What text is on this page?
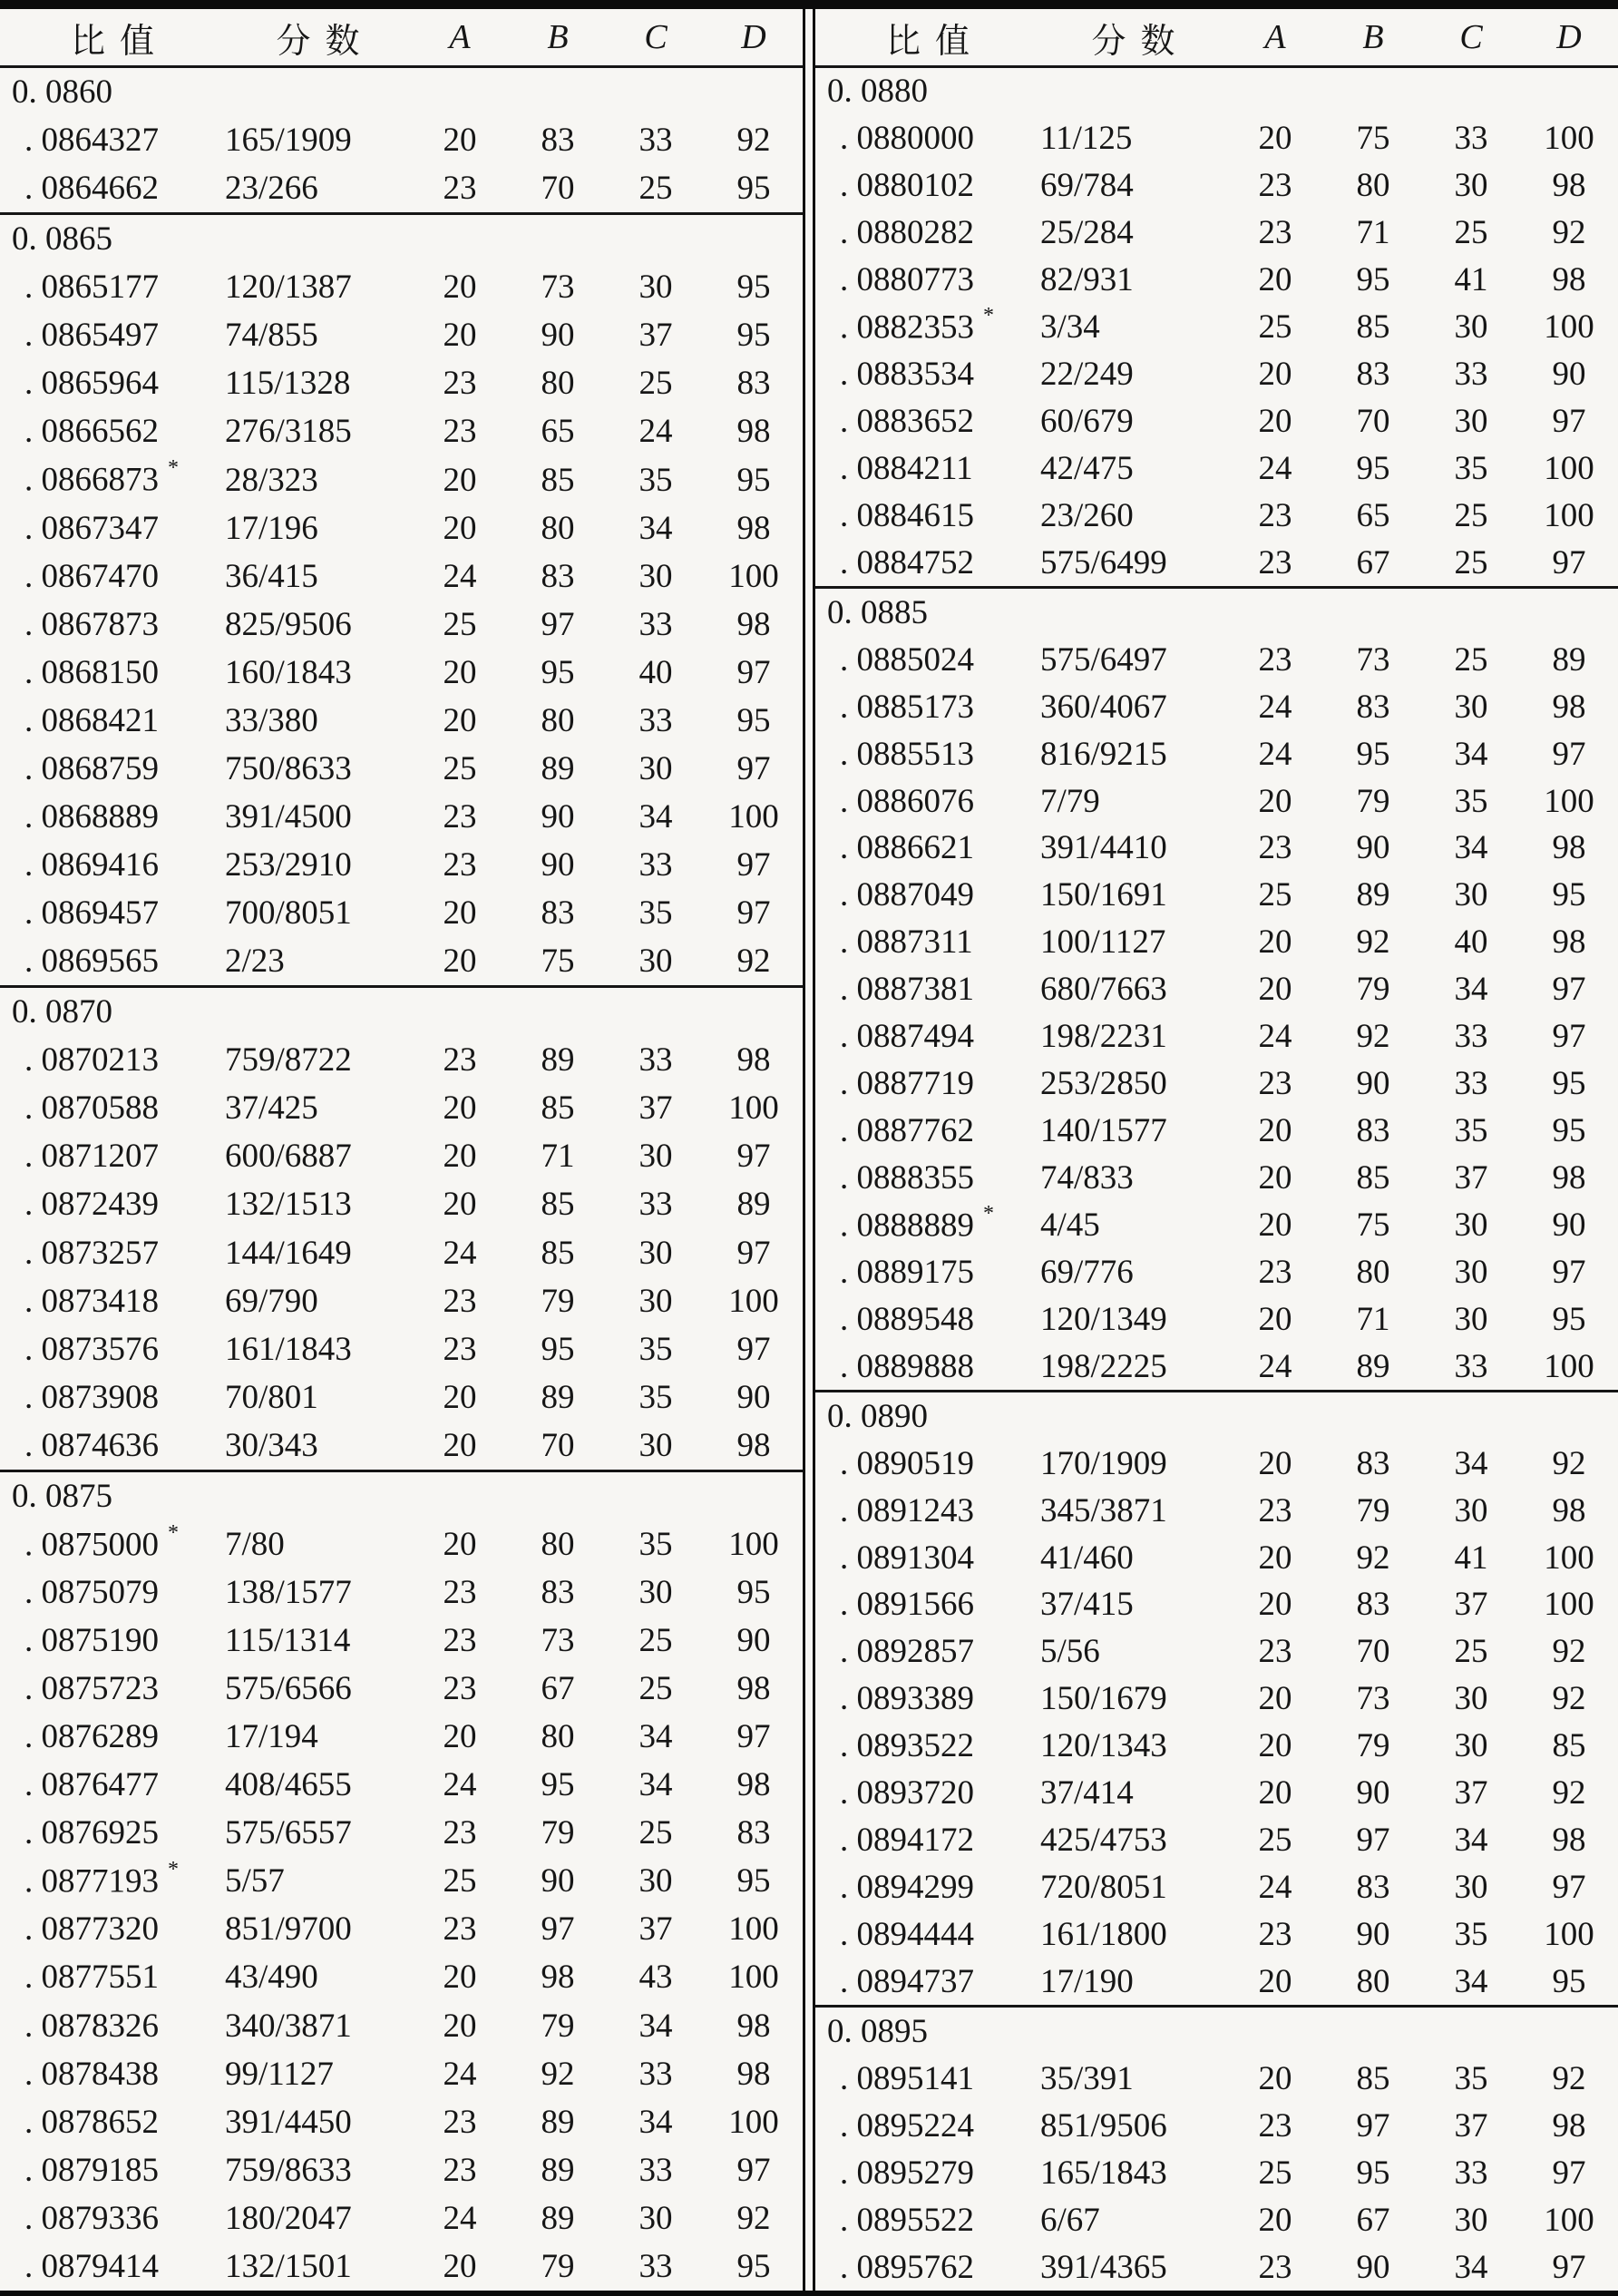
比值	分数	A	B	C	D
0. 0860
. 0864327	165/1909	20	83	33	92
. 0864662	23/266	23	70	25	95
0. 0865
. 0865177	120/1387	20	73	30	95
. 0865497	74/855	20	90	37	95
. 0865964	115/1328	23	80	25	83
. 0866562	276/3185	23	65	24	98
. 0866873 *	28/323	20	85	35	95
. 0867347	17/196	20	80	34	98
. 0867470	36/415	24	83	30	100
. 0867873	825/9506	25	97	33	98
. 0868150	160/1843	20	95	40	97
. 0868421	33/380	20	80	33	95
. 0868759	750/8633	25	89	30	97
. 0868889	391/4500	23	90	34	100
. 0869416	253/2910	23	90	33	97
. 0869457	700/8051	20	83	35	97
. 0869565	2/23	20	75	30	92
0. 0870
. 0870213	759/8722	23	89	33	98
. 0870588	37/425	20	85	37	100
. 0871207	600/6887	20	71	30	97
. 0872439	132/1513	20	85	33	89
. 0873257	144/1649	24	85	30	97
. 0873418	69/790	23	79	30	100
. 0873576	161/1843	23	95	35	97
. 0873908	70/801	20	89	35	90
. 0874636	30/343	20	70	30	98
0. 0875
. 0875000 *	7/80	20	80	35	100
. 0875079	138/1577	23	83	30	95
. 0875190	115/1314	23	73	25	90
. 0875723	575/6566	23	67	25	98
. 0876289	17/194	20	80	34	97
. 0876477	408/4655	24	95	34	98
. 0876925	575/6557	23	79	25	83
. 0877193 *	5/57	25	90	30	95
. 0877320	851/9700	23	97	37	100
. 0877551	43/490	20	98	43	100
. 0878326	340/3871	20	79	34	98
. 0878438	99/1127	24	92	33	98
. 0878652	391/4450	23	89	34	100
. 0879185	759/8633	23	89	33	97
. 0879336	180/2047	24	89	30	92
. 0879414	132/1501	20	79	33	95
比值	分数	A	B	C	D
0. 0880
. 0880000	11/125	20	75	33	100
. 0880102	69/784	23	80	30	98
. 0880282	25/284	23	71	25	92
. 0880773	82/931	20	95	41	98
. 0882353 *	3/34	25	85	30	100
. 0883534	22/249	20	83	33	90
. 0883652	60/679	20	70	30	97
. 0884211	42/475	24	95	35	100
. 0884615	23/260	23	65	25	100
. 0884752	575/6499	23	67	25	97
0. 0885
. 0885024	575/6497	23	73	25	89
. 0885173	360/4067	24	83	30	98
. 0885513	816/9215	24	95	34	97
. 0886076	7/79	20	79	35	100
. 0886621	391/4410	23	90	34	98
. 0887049	150/1691	25	89	30	95
. 0887311	100/1127	20	92	40	98
. 0887381	680/7663	20	79	34	97
. 0887494	198/2231	24	92	33	97
. 0887719	253/2850	23	90	33	95
. 0887762	140/1577	20	83	35	95
. 0888355	74/833	20	85	37	98
. 0888889 *	4/45	20	75	30	90
. 0889175	69/776	23	80	30	97
. 0889548	120/1349	20	71	30	95
. 0889888	198/2225	24	89	33	100
0. 0890
. 0890519	170/1909	20	83	34	92
. 0891243	345/3871	23	79	30	98
. 0891304	41/460	20	92	41	100
. 0891566	37/415	20	83	37	100
. 0892857	5/56	23	70	25	92
. 0893389	150/1679	20	73	30	92
. 0893522	120/1343	20	79	30	85
. 0893720	37/414	20	90	37	92
. 0894172	425/4753	25	97	34	98
. 0894299	720/8051	24	83	30	97
. 0894444	161/1800	23	90	35	100
. 0894737	17/190	20	80	34	95
0. 0895
. 0895141	35/391	20	85	35	92
. 0895224	851/9506	23	97	37	98
. 0895279	165/1843	25	95	33	97
. 0895522	6/67	20	67	30	100
. 0895762	391/4365	23	90	34	97
